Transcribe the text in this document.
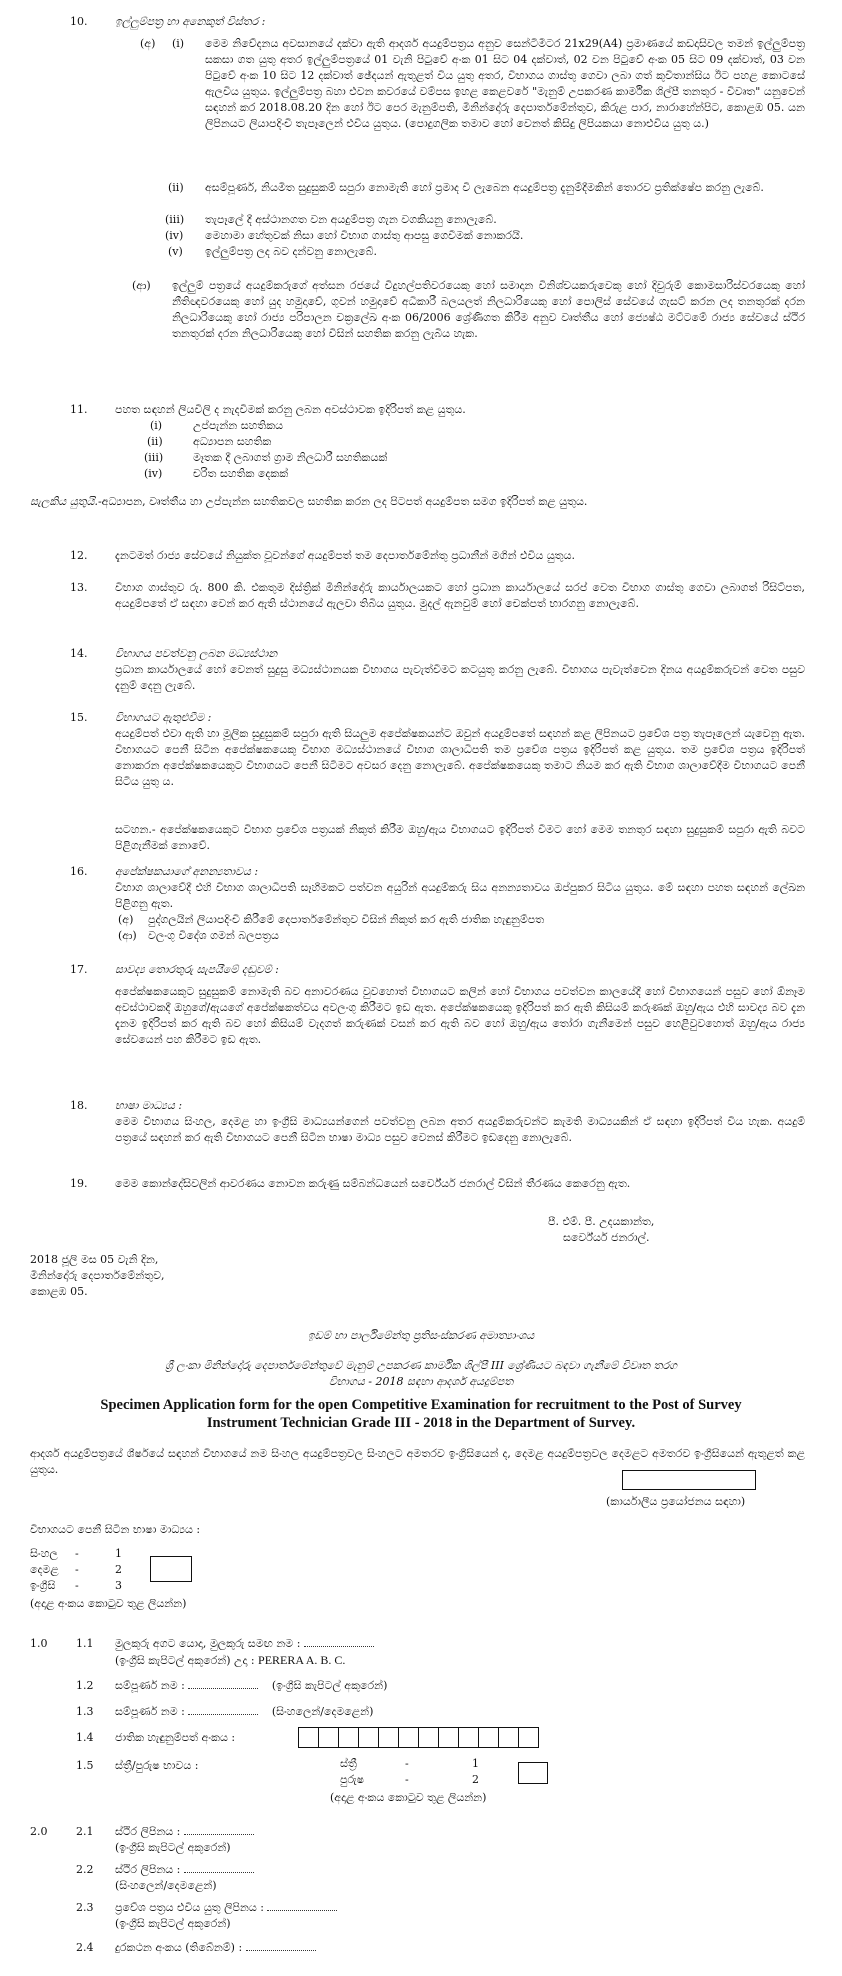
10.	ඉල්ලුම්පත්‍ර හා අනෙකුත් විස්තර :
(අ) (i) මෙම නිවේදනය අවසානයේ දක්වා ඇති ආදර්ශ අයදුම්පත්‍රය අනුව සෙන්ටිමීටර 21x29(A4) ප්‍රමාණයේ කඩදාසිවල තමන් ඉල්ලුම්පත්‍ර සකසා ගත යුතු අතර ඉල්ලුම්පත්‍රයේ 01 වැනි පිටුවේ අංක 01 සිට 04 දක්වාත්, 02 වන පිටුවේ අංක 05 සිට 09 දක්වාත්, 03 වන පිටුවේ අංක 10 සිට 12 දක්වාත් ඡේදයන් ඇතුළත් විය යුතු අතර, විභාගය ගාස්තු ගෙවා ලබා ගත් කුවිතාන්සිය ඊට පහළ කොටසේ ඇලවිය යුතුය. ඉල්ලුම්පත්‍ර බහා එවන කවරයේ වම්පස ඉහළ කෙළවරේ "මැනුම් උපකරණ කාර්මික ශිල්පී තනතුර - විවෘත" යනුවෙන් සඳහන් කර 2018.08.20 දින හෝ ඊට පෙර මැනුම්පති, මිනින්දෝරු දෙපාර්තමේන්තුව, කිරුළ පාර, නාරාහේන්පිට, කොළඹ 05. යන ලිපිනයට ලියාපදිංචි තැපෑලෙන් එවිය යුතුය. (පොදුගලික තමාව හෝ වෙනත් කිසිදු ලිපියකයා නොඑවිය යුතු ය.)
(ii) අසම්පූර්ණ, නියමිත සුදුසුකම් සපුරා නොමැති හෝ ප්‍රමාද වී ලැබෙන අයදුම්පත්‍ර දැනුම්දීමකින් තොරව ප්‍රතික්ෂේප කරනු ලැබේ.
(iii) තැපෑලේ දී අස්ථානගත වන අයදුම්පත්‍ර ගැන වගකියනු නොලැබේ.
(iv) මෙහාමා හේතුවක් නිසා හෝ විභාග ගාස්තු ආපසු ගෙවීමක් නොකරයි.
(v) ඉල්ලුම්පත්‍ර ලද බව දන්වනු නොලැබේ.
(ආ) ඉල්ලුම් පත්‍රයේ අයදුම්කරුගේ අත්සන රජයේ විදුහල්පතිවරයෙකු හෝ සමාදාන විනිශ්චයකරුවෙකු හෝ දිවුරුම් කොමසාරිස්වරයෙකු හෝ නීතිඥවරයෙකු හෝ යුද හමුදාවේ, ගුවන් හමුදාවේ අධිකාරී බලයලත් නිලධාරියෙකු හෝ පොලිස් සේවයේ ගැසට් කරන ලද තනතුරක් දරන නිලධාරියෙකු හෝ රාජ්‍ය පරිපාලන චක්‍රලේඛ අංක 06/2006 ශ්‍රේණිගත කිරීම අනුව වෘත්තීය හෝ ජ්‍යෙෂ්ඨ මට්ටමේ රාජ්‍ය සේවයේ ස්ථිර තනතුරක් දරන නිලධාරියෙකු හෝ විසින් සහතික කරනු ලැබිය හැක.
11.	පහත සඳහන් ලියවිලි ද නැදවීමක් කරනු ලබන අවස්ථාවක ඉදිරිපත් කළ යුතුය.
(i)	උප්පැන්න සහතිකය
(ii)	අධ්‍යාපන සහතික
(iii)	මෑතක දී ලබාගත් ග්‍රාම නිලධාරී සහතිකයක්
(iv)	චරිත සහතික දෙකක්
සැලකිය යුතුයි.-අධ්‍යාපන, වෘත්තීය හා උප්පැන්න සහතිකවල සහතික කරන ලද පිටපත් අයදුම්පත සමග ඉදිරිපත් කළ යුතුය.
12.	දැනටමත් රාජ්‍ය සේවයේ නියුක්ත වූවන්ගේ අයදුම්පත් තම දෙපාර්තමේන්තු ප්‍රධානීන් මගින් එවිය යුතුය.
13.	විභාග ගාස්තුව රු. 800 කි. එකතුම දිස්ත්‍රික් මිනින්දෝරු කාර්යාලයකට හෝ ප්‍රධාන කාර්යාලයේ සරප් වෙත විභාග ගාස්තු ගෙවා ලබාගත් රිසිට්පත, අයදුම්පතේ ඒ සඳහා වෙන් කර ඇති ස්ථානයේ ඇලවා තිබිය යුතුය. මුදල් ඇනවුම් හෝ චෙක්පත් භාරගනු නොලැබේ.
14.	විභාගය පවත්වනු ලබන මධ්‍යස්ථාන
ප්‍රධාන කාර්යාලයේ හෝ වෙනත් සුදුසු මධ්‍යස්ථානයක විභාගය පැවැත්වීමට කටයුතු කරනු ලැබේ. විභාගය පැවැත්වෙන දිනය අයදුම්කරුවන් වෙත පසුව දැනුම් දෙනු ලැබේ.
15.	විභාගයට ඇතුළුවීම :
අයදුම්පත් එවා ඇති හා මූලික සුදුසුකම් සපුරා ඇති සියලුම අපේක්ෂකයන්ට ඔවුන් අයදුම්පතේ සඳහන් කළ ලිපිනයට ප්‍රවේශ පත්‍ර තැපෑලෙන් යැවෙනු ඇත. විභාගයට පෙනී සිටින අපේක්ෂකයෙකු විභාග මධ්‍යස්ථානයේ විභාග ශාලාධිපති තම ප්‍රවේශ පත්‍රය ඉදිරිපත් කළ යුතුය. තම ප්‍රවේශ පත්‍රය ඉදිරිපත් නොකරන අපේක්ෂකයෙකුට විභාගයට පෙනී සිටීමට අවසර දෙනු නොලැබේ. අපේක්ෂකයෙකු තමාට නියම කර ඇති විභාග ශාලාවේදීම විභාගයට පෙනී සිටිය යුතු ය.
සටහන.- අපේක්ෂකයෙකුට විභාග ප්‍රවේශ පත්‍රයක් නිකුත් කිරීම ඔහු/ඇය විභාගයට ඉදිරිපත් වීමට හෝ මෙම තනතුර සඳහා සුදුසුකම් සපුරා ඇති බවට පිළිගැනීමක් නොවේ.
16.	අපේක්ෂකයාගේ අනන්‍යතාවය :
විභාග ශාලාවේදී එහි විභාග ශාලාධිපති සෑහීමකට පත්වන අයුරින් අයදුම්කරු සිය අනන්‍යතාවය ඔප්පුකර සිටිය යුතුය. මේ සඳහා පහත සඳහන් ලේඛන පිළිගනු ඇත.
(අ) පුද්ගලයින් ලියාපදිංචි කිරීමේ දෙපාර්තමේන්තුව විසින් නිකුත් කර ඇති ජාතික හැඳුනුම්පත
(ආ) වලංගු විදේශ ගමන් බලපත්‍රය
17.	සාවද්‍ය තොරතුරු සැපයීමේ දඬුවම් :
අපේක්ෂකයෙකුට සුදුසුකම් නොමැති බව අනාවරණය වුවහොත් විභාගයට කලින් හෝ විභාගය පවත්වන කාලයේදී හෝ විභාගයෙන් පසුව හෝ ඕනෑම අවස්ථාවකදී ඔහුගේ/ඇයගේ අපේක්ෂකත්වය අවලංගු කිරීමට ඉඩ ඇත. අපේක්ෂකයෙකු ඉදිරිපත් කර ඇති කිසියම් කරුණක් ඔහු/ඇය එහි සාවද්‍ය බව දැන දැනම ඉදිරිපත් කර ඇති බව හෝ කිසියම් වැදගත් කරුණක් වසන් කර ඇති බව හෝ ඔහු/ඇය තෝරා ගැනීමෙන් පසුව හෙළිවුවහොත් ඔහු/ඇය රාජ්‍ය සේවයෙන් පහ කිරීමට ඉඩ ඇත.
18.	භාෂා මාධ්‍යය :
මෙම විභාගය සිංහල, දෙමළ හා ඉංග්‍රීසි මාධ්‍යයන්ගෙන් පවත්වනු ලබන අතර අයදුම්කරුවන්ට කැමති මාධ්‍යයකින් ඒ සඳහා ඉදිරිපත් විය හැක. අයදුම් පත්‍රයේ සඳහන් කර ඇති විභාගයට පෙනී සිටින භාෂා මාධ්‍ය පසුව වෙනස් කිරීමට ඉඩදෙනු නොලැබේ.
19.	මෙම කොන්දේසිවලින් ආවරණය නොවන කරුණු සම්බන්ධයෙන් සර්වේයර් ජනරාල් විසින් තීරණය කෙරෙනු ඇත.
පී. එම්. පී. උදයකාන්ත,
සර්වේයර් ජනරාල්.
2018 ජූලි මස 05 වැනි දින,
මිනින්දෝරු දෙපාර්තමේන්තුව,
කොළඹ 05.
ඉඩම් හා පාර්ලිමේන්තු ප්‍රතිසංස්කරණ අමාත්‍යාංශය
ශ්‍රී ලංකා මිනින්දෝරු දෙපාර්තමේන්තුවේ මැනුම් උපකරණ කාර්මික ශිල්පී III ශ්‍රේණියට බඳවා ගැනීමේ විවෘත තරග
විභාගය - 2018 සඳහා ආදර්ශ අයදුම්පත
Specimen Application form for the open Competitive Examination for recruitment to the Post of Survey
Instrument Technician Grade III - 2018 in the Department of Survey.
ආදර්ශ අයදුම්පත්‍රයේ ශීර්ෂයේ සඳහන් විභාගයේ නම සිංහල අයදුම්පත්‍රවල සිංහලට අමතරව ඉංග්‍රීසියෙන් ද, දෙමළ අයදුම්පත්‍රවල දෙමළට අමතරව ඉංග්‍රීසියෙන් ඇතුළත් කළ යුතුය.
(කාර්යාලීය ප්‍රයෝජනය සඳහා)
විභාගයට පෙනී සිටින භාෂා මාධ්‍යය :
සිංහල -	1
දෙමළ -	2
ඉංග්‍රීසි -	3
(අදාළ අංකය කොටුව තුළ ලියන්න)
1.0	1.1 මුලකුරු අගට යොදා, මුලකුරු සමඟ නම :
(ඉංග්‍රීසි කැපිටල් අකුරෙන්) උදා : PERERA A. B. C.
1.2 සම්පූර්ණ නම :	(ඉංග්‍රීසි කැපිටල් අකුරෙන්)
1.3 සම්පූර්ණ නම :	(සිංහලෙන්/දෙමළෙන්)
1.4 ජාතික හැඳුනුම්පත් අංකය :
1.5 ස්ත්‍රී/පුරුෂ භාවය :	ස්ත්‍රී	-	1
පුරුෂ	-	2
(අදාළ අංකය කොටුව තුළ ලියන්න)
2.0	2.1 ස්ථිර ලිපිනය :
(ඉංග්‍රීසි කැපිටල් අකුරෙන්)
2.2 ස්ථිර ලිපිනය :
(සිංහලෙන්/දෙමළෙන්)
2.3 ප්‍රවේශ පත්‍රය එවිය යුතු ලිපිනය :
(ඉංග්‍රීසි කැපිටල් අකුරෙන්)
2.4 දුරකථන අංකය (තිබේනම්) :
